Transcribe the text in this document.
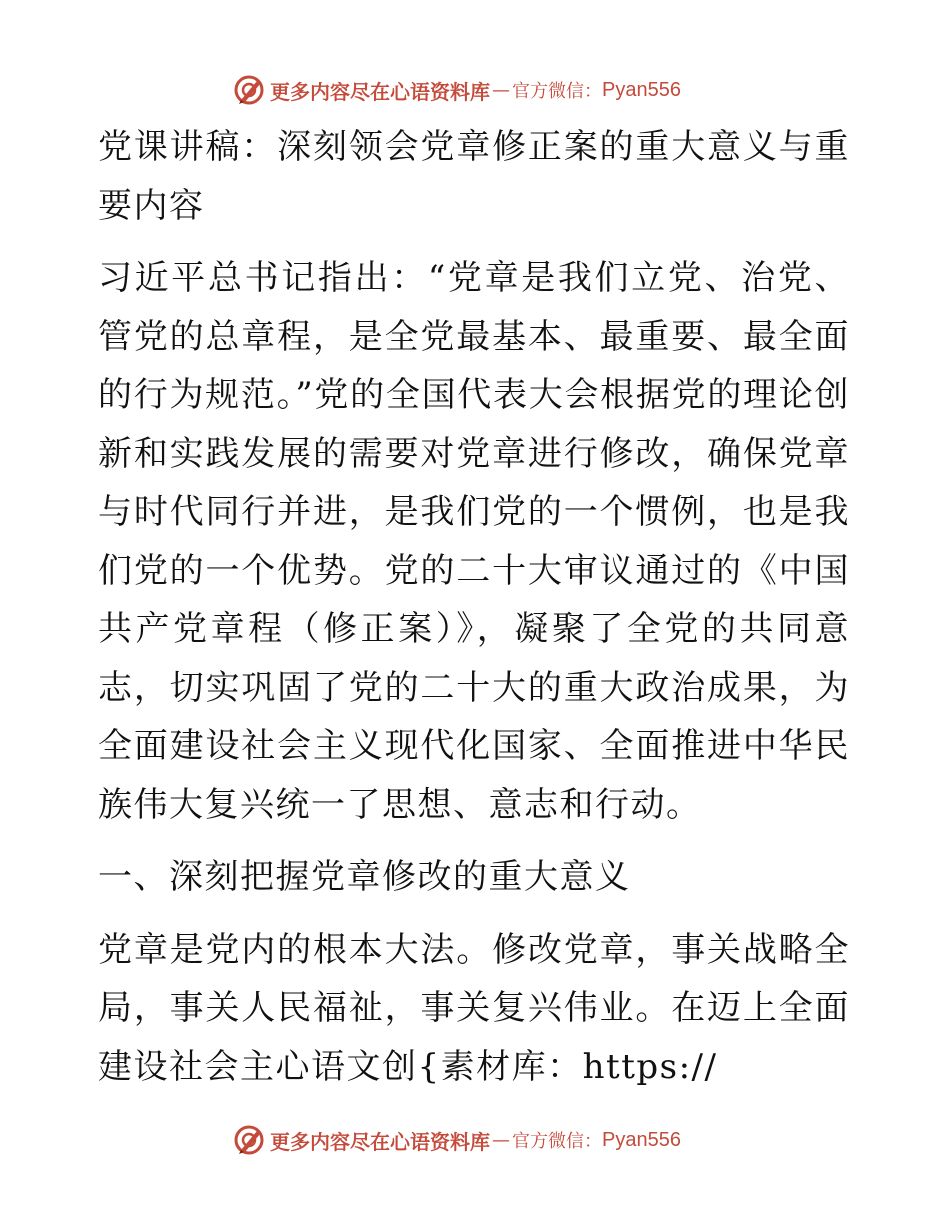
更多内容尽在心语资料库 — 官方微信： Pyan556

党课讲稿：深刻领会党章修正案的重大意义与重要内容

习近平总书记指出：“党章是我们立党、治党、管党的总章程，是全党最基本、最重要、最全面的行为规范。”党的全国代表大会根据党的理论创新和实践发展的需要对党章进行修改，确保党章与时代同行并进，是我们党的一个惯例，也是我们党的一个优势。党的二十大审议通过的《中国共产党章程（修正案）》，凝聚了全党的共同意志，切实巩固了党的二十大的重大政治成果，为全面建设社会主义现代化国家、全面推进中华民族伟大复兴统一了思想、意志和行动。

一、深刻把握党章修改的重大意义

党章是党内的根本大法。修改党章，事关战略全局，事关人民福祉，事关复兴伟业。在迈上全面建设社会主心语文创{素材库：https://

更多内容尽在心语资料库 — 官方微信： Pyan556
